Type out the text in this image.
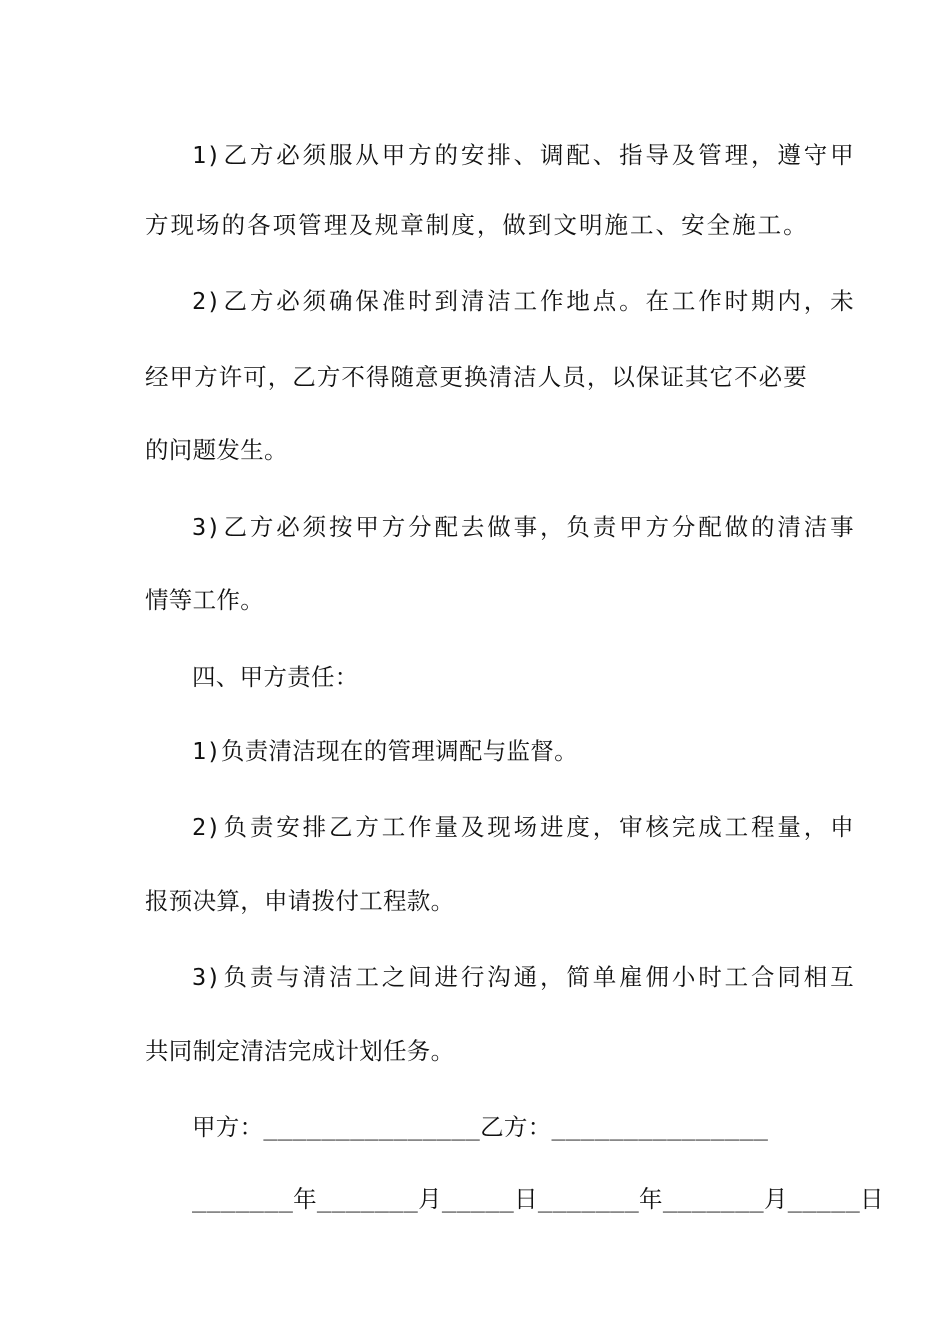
1)乙方必须服从甲方的安排、调配、指导及管理，遵守甲
方现场的各项管理及规章制度，做到文明施工、安全施工。
2)乙方必须确保准时到清洁工作地点。在工作时期内，未
经甲方许可，乙方不得随意更换清洁人员，以保证其它不必要
的问题发生。
3)乙方必须按甲方分配去做事，负责甲方分配做的清洁事
情等工作。
四、甲方责任：
1)负责清洁现在的管理调配与监督。
2)负责安排乙方工作量及现场进度，审核完成工程量，申
报预决算，申请拨付工程款。
3)负责与清洁工之间进行沟通，简单雇佣小时工合同相互
共同制定清洁完成计划任务。
甲方：_______________乙方：_______________
_______年_______月_____日_______年_______月_____日
